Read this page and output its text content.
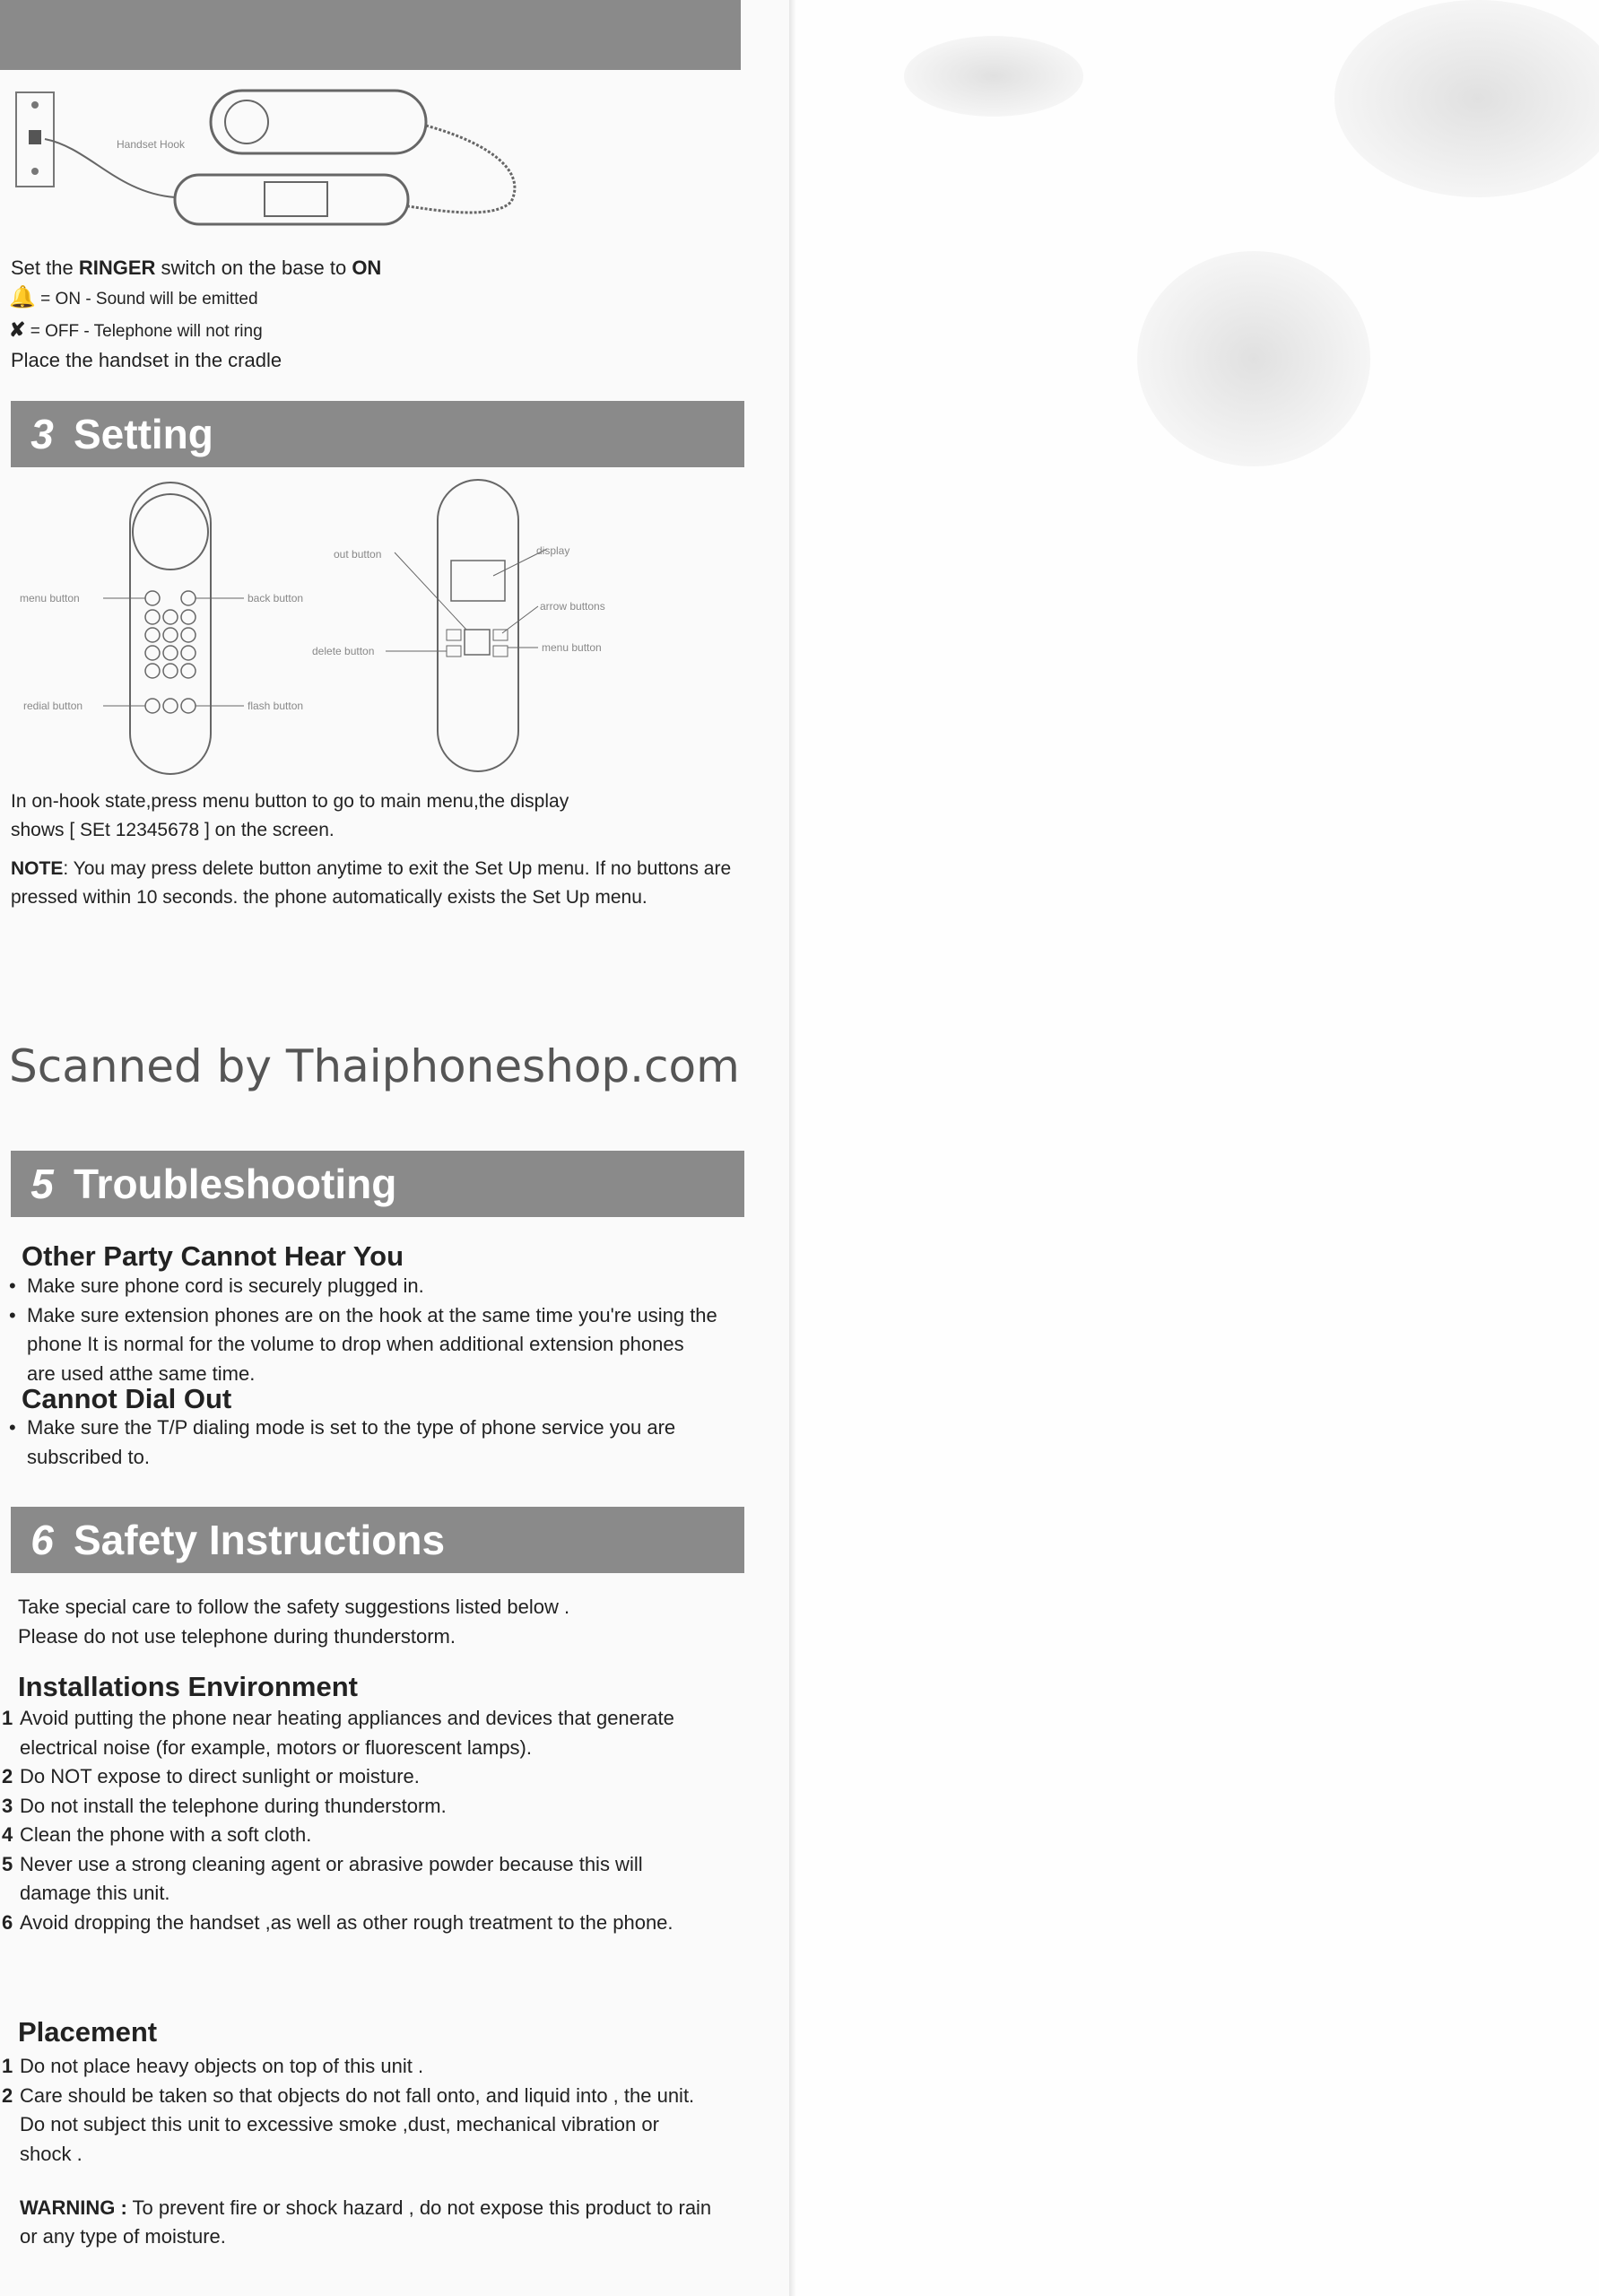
Handset Hook

Set the RINGER switch on the base to ON

🔔 = ON - Sound will be emitted
✘ = OFF - Telephone will not ring

Place the handset in the cradle

3 Setting
menu button	back button
redial button	flash button
out button	display
arrow buttons
delete button	menu button

In on-hook state,press menu button to go to main menu,the display

shows [ SEt 12345678 ] on the screen.

NOTE: You may press delete button anytime to exit the Set Up menu. If no buttons are pressed within 10 seconds. the phone automatically exists the Set Up menu.

Scanned by Thaiphoneshop.com
5 Troubleshooting
Other Party Cannot Hear You
• Make sure phone cord is securely plugged in.
• Make sure extension phones are on the hook at the same time you're using the phone It is normal for the volume to drop when additional extension phones are used atthe same time.
Cannot Dial Out
• Make sure the T/P dialing mode is set to the type of phone service you are subscribed to.
6 Safety Instructions

Take special care to follow the safety suggestions listed below .

Please do not use telephone during thunderstorm.

Installations Environment
1 Avoid putting the phone near heating appliances and devices that generate electrical noise (for example, motors or fluorescent lamps).
2 Do NOT expose to direct sunlight or moisture.
3 Do not install the telephone during thunderstorm.
4 Clean the phone with a soft cloth.
5 Never use a strong cleaning agent or abrasive powder because this will damage this unit.
6 Avoid dropping the handset ,as well as other rough treatment to the phone.
Placement
1 Do not place heavy objects on top of this unit .
2 Care should be taken so that objects do not fall onto, and liquid into , the unit. Do not subject this unit to excessive smoke ,dust, mechanical vibration or shock .

WARNING : To prevent fire or shock hazard , do not expose this product to rain or any type of moisture.
